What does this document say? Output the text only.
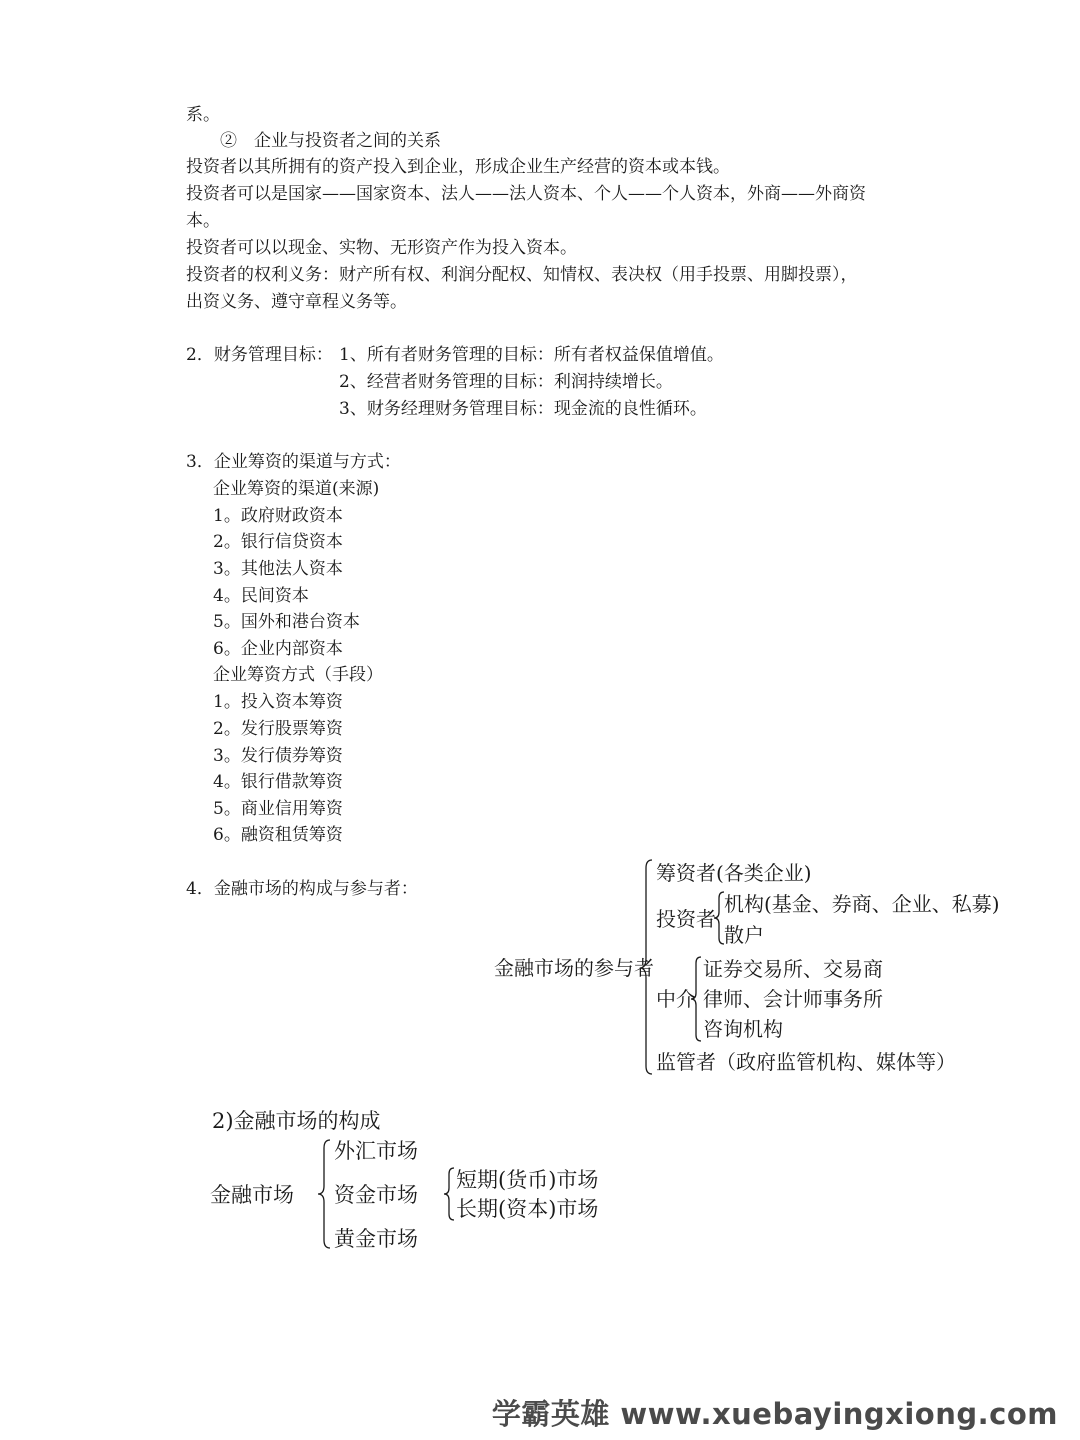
系。
②　企业与投资者之间的关系
投资者以其所拥有的资产投入到企业，形成企业生产经营的资本或本钱。
投资者可以是国家——国家资本、法人——法人资本、个人——个人资本，外商——外商资
本。
投资者可以以现金、实物、无形资产作为投入资本。
投资者的权利义务：财产所有权、利润分配权、知情权、表决权（用手投票、用脚投票），
出资义务、遵守章程义务等。
2．财务管理目标： 1、所有者财务管理的目标：所有者权益保值增值。
2、经营者财务管理的目标：利润持续增长。
3、财务经理财务管理目标：现金流的良性循环。
3．企业筹资的渠道与方式：
企业筹资的渠道(来源)
1。政府财政资本
2。银行信贷资本
3。其他法人资本
4。民间资本
5。国外和港台资本
6。企业内部资本
企业筹资方式（手段）
1。投入资本筹资
2。发行股票筹资
3。发行债券筹资
4。银行借款筹资
5。商业信用筹资
6。融资租赁筹资
4．金融市场的构成与参与者：
金融市场的参与者
筹资者(各类企业)
投资者
机构(基金、券商、企业、私募)
散户
中介
证券交易所、交易商
律师、会计师事务所
咨询机构
监管者（政府监管机构、媒体等）
2)金融市场的构成
金融市场
外汇市场
资金市场
短期(货币)市场
长期(资本)市场
黄金市场
学霸英雄 www.xuebayingxiong.com
